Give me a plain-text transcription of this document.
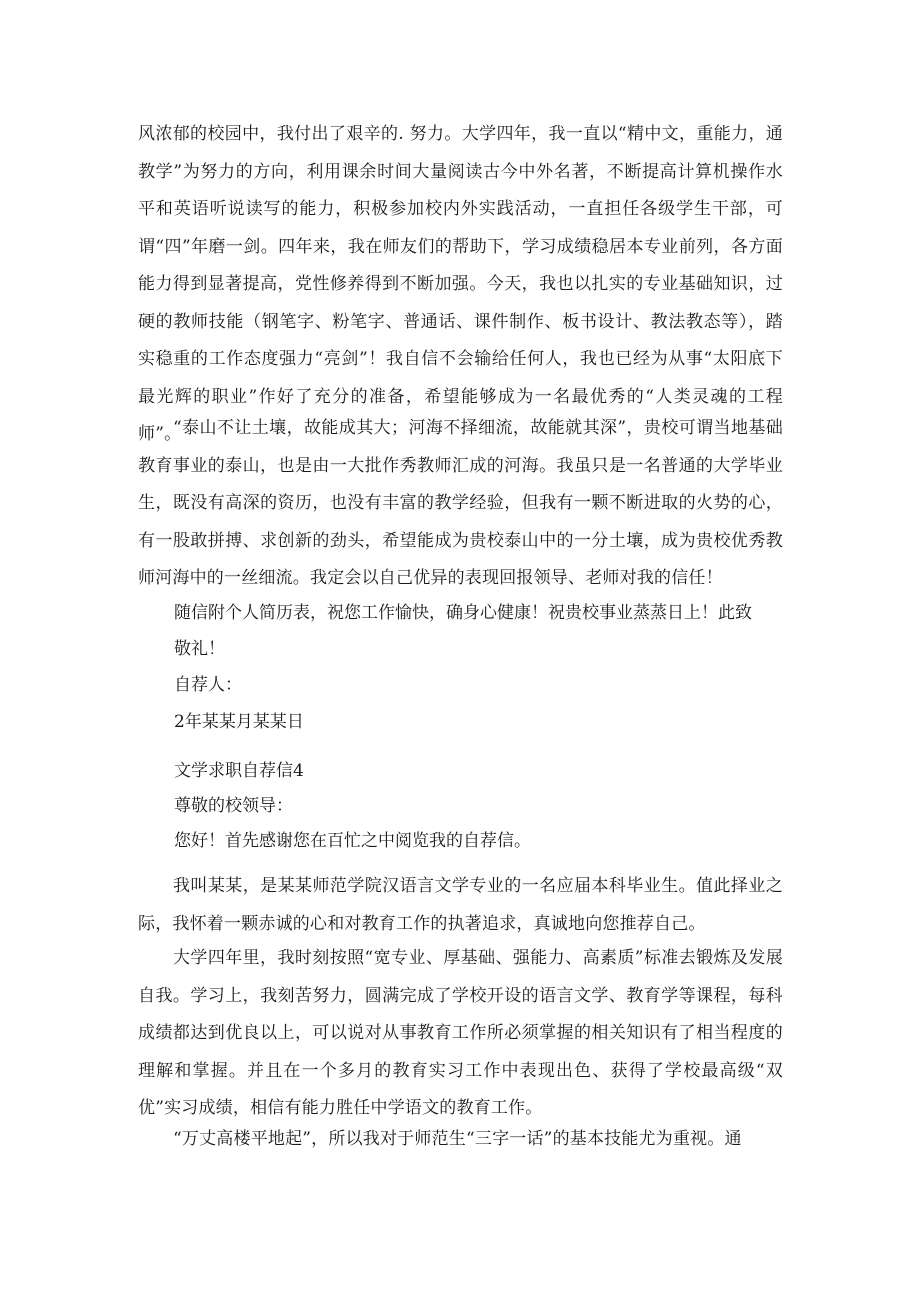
风浓郁的校园中，我付出了艰辛的. 努力。大学四年，我一直以“精中文，重能力，通教学”为努力的方向，利用课余时间大量阅读古今中外名著，不断提高计算机操作水平和英语听说读写的能力，积极参加校内外实践活动，一直担任各级学生干部，可谓“四”年磨一剑。四年来，我在师友们的帮助下，学习成绩稳居本专业前列，各方面能力得到显著提高，党性修养得到不断加强。今天，我也以扎实的专业基础知识，过硬的教师技能（钢笔字、粉笔字、普通话、课件制作、板书设计、教法教态等），踏实稳重的工作态度强力“亮剑”！我自信不会输给任何人，我也已经为从事“太阳底下最光辉的职业”作好了充分的准备，希望能够成为一名最优秀的“人类灵魂的工程师”。

“泰山不让土壤，故能成其大；河海不择细流，故能就其深”，贵校可谓当地基础教育事业的泰山，也是由一大批作秀教师汇成的河海。我虽只是一名普通的大学毕业生，既没有高深的资历，也没有丰富的教学经验，但我有一颗不断进取的火势的心，有一股敢拼搏、求创新的劲头，希望能成为贵校泰山中的一分土壤，成为贵校优秀教师河海中的一丝细流。我定会以自己优异的表现回报领导、老师对我的信任！

随信附个人简历表，祝您工作愉快，确身心健康！祝贵校事业蒸蒸日上！此致

敬礼！

自荐人：

2年某某月某某日

文学求职自荐信4

尊敬的校领导：

您好！首先感谢您在百忙之中阅览我的自荐信。

我叫某某，是某某师范学院汉语言文学专业的一名应届本科毕业生。值此择业之际，我怀着一颗赤诚的心和对教育工作的执著追求，真诚地向您推荐自己。

大学四年里，我时刻按照“宽专业、厚基础、强能力、高素质”标准去锻炼及发展自我。学习上，我刻苦努力，圆满完成了学校开设的语言文学、教育学等课程，每科成绩都达到优良以上，可以说对从事教育工作所必须掌握的相关知识有了相当程度的理解和掌握。并且在一个多月的教育实习工作中表现出色、获得了学校最高级“双优”实习成绩，相信有能力胜任中学语文的教育工作。

“万丈高楼平地起”，所以我对于师范生“三字一话”的基本技能尤为重视。通
